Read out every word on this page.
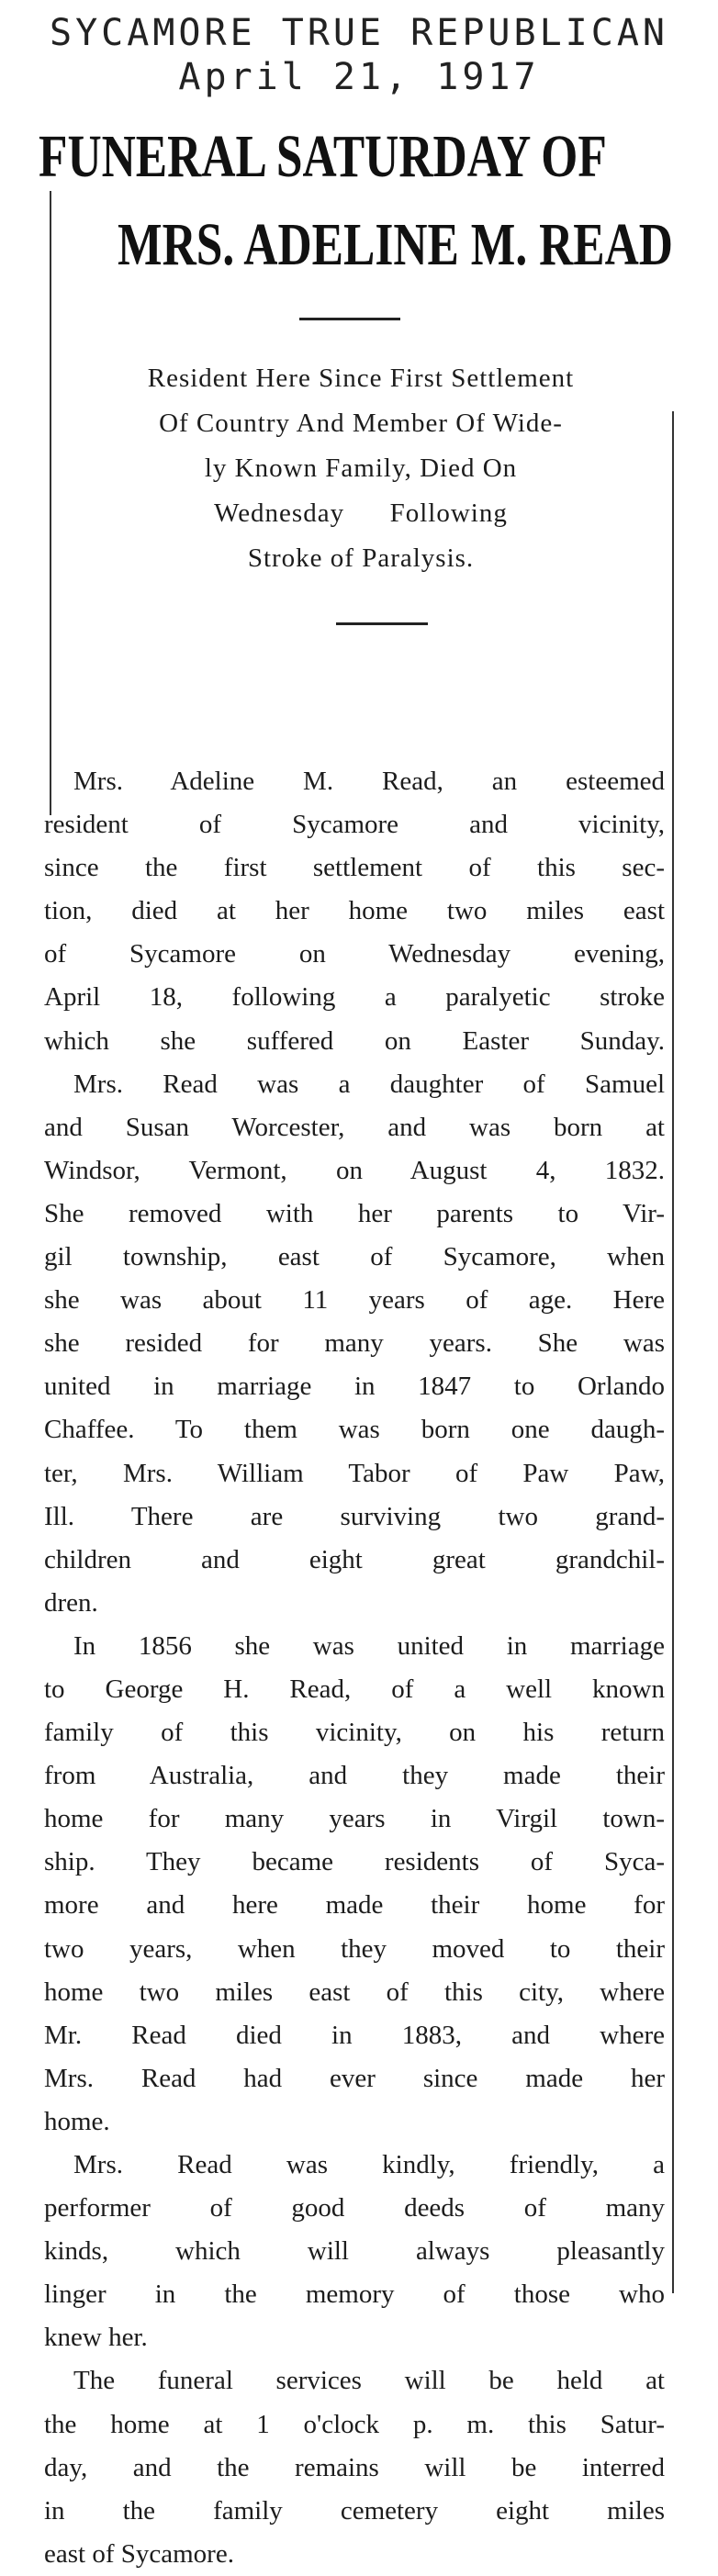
SYCAMORE TRUE REPUBLICAN
April 21, 1917
FUNERAL SATURDAY OF
MRS. ADELINE M. READ
Resident Here Since First Settlement
Of Country And Member Of Wide-
ly Known Family, Died On
Wednesday      Following
Stroke of Paralysis.

Mrs. Adeline M. Read, an esteemed
resident of Sycamore and vicinity,
since the first settlement of this sec-
tion, died at her home two miles east
of Sycamore on Wednesday evening,
April 18, following a paralyetic stroke
which she suffered on Easter Sunday.

Mrs. Read was a daughter of Samuel
and Susan Worcester, and was born at
Windsor, Vermont, on August 4, 1832.
She removed with her parents to Vir-
gil township, east of Sycamore, when
she was about 11 years of age. Here
she resided for many years. She was
united in marriage in 1847 to Orlando
Chaffee. To them was born one daugh-
ter, Mrs. William Tabor of Paw Paw,
Ill. There are surviving two grand-
children and eight great grandchil-
dren.

In 1856 she was united in marriage
to George H. Read, of a well known
family of this vicinity, on his return
from Australia, and they made their
home for many years in Virgil town-
ship. They became residents of Syca-
more and here made their home for
two years, when they moved to their
home two miles east of this city, where
Mr. Read died in 1883, and where
Mrs. Read had ever since made her
home.

Mrs. Read was kindly, friendly, a
performer of good deeds of many
kinds, which will always pleasantly
linger in the memory of those who
knew her.

The funeral services will be held at
the home at 1 o'clock p. m. this Satur-
day, and the remains will be interred
in the family cemetery eight miles
east of Sycamore.
